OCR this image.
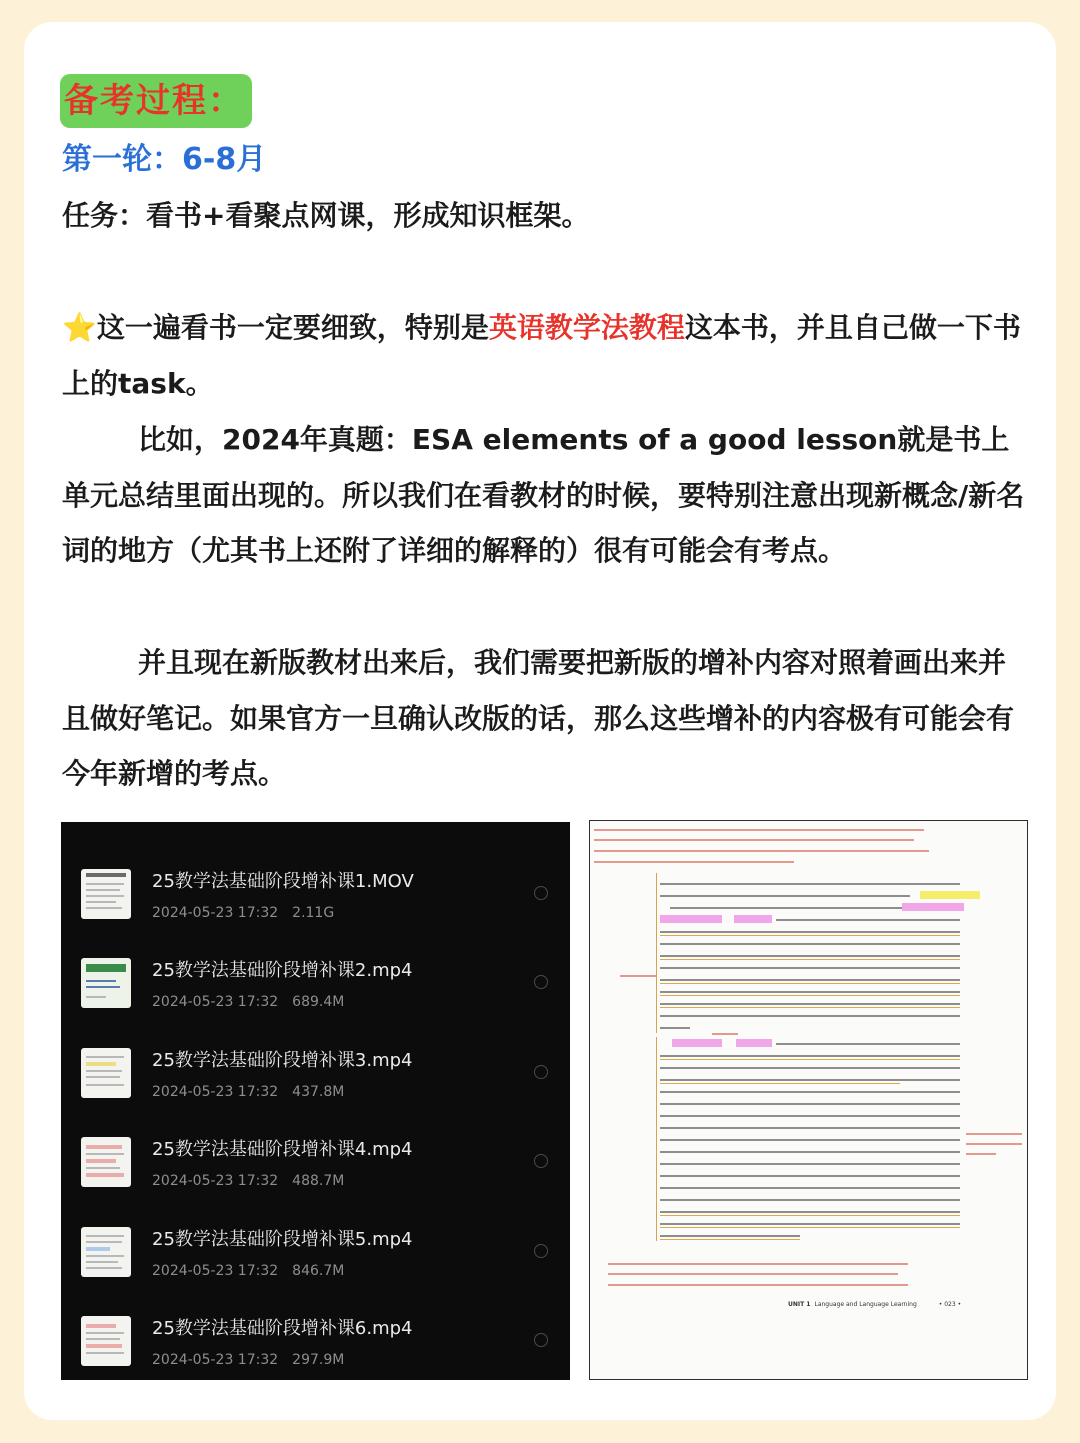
备考过程：
第一轮：6-8月
任务：看书+看聚点网课，形成知识框架。

⭐这一遍看书一定要细致，特别是英语教学法教程这本书，并且自己做一下书上的task。

比如，2024年真题：ESA elements of a good lesson就是书上单元总结里面出现的。所以我们在看教材的时候，要特别注意出现新概念/新名词的地方（尤其书上还附了详细的解释的）很有可能会有考点。

并且现在新版教材出来后，我们需要把新版的增补内容对照着画出来并且做好笔记。如果官方一旦确认改版的话，那么这些增补的内容极有可能会有今年新增的考点。

25教学法基础阶段增补课1.MOV
2024-05-23 17:32 2.11G
25教学法基础阶段增补课2.mp4
2024-05-23 17:32 689.4M
25教学法基础阶段增补课3.mp4
2024-05-23 17:32 437.8M
25教学法基础阶段增补课4.mp4
2024-05-23 17:32 488.7M
25教学法基础阶段增补课5.mp4
2024-05-23 17:32 846.7M
25教学法基础阶段增补课6.mp4
2024-05-23 17:32 297.9M
UNIT 1 Language and Language Learning	• 023 •
